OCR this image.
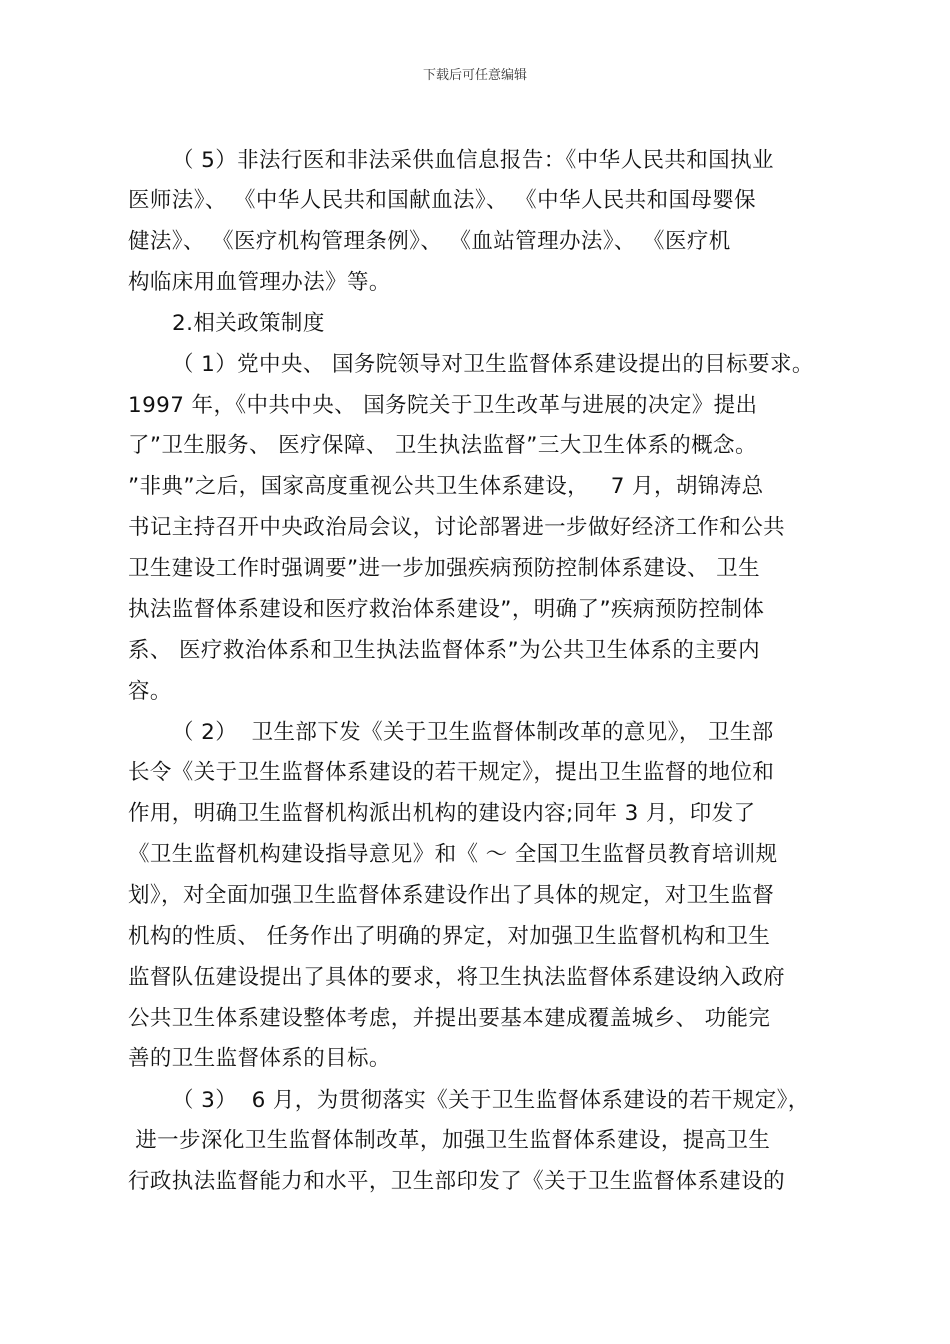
下载后可任意编辑
（ 5）非法行医和非法采供血信息报告：《中华人民共和国执业
医师法》、 《中华人民共和国献血法》、 《中华人民共和国母婴保
健法》、 《医疗机构管理条例》、 《血站管理办法》、 《医疗机
构临床用血管理办法》等。
2.相关政策制度
（ 1）党中央、 国务院领导对卫生监督体系建设提出的目标要求。
1997 年，《中共中央、 国务院关于卫生改革与进展的决定》提出
了”卫生服务、 医疗保障、 卫生执法监督”三大卫生体系的概念。
”非典”之后，国家高度重视公共卫生体系建设，   7 月，胡锦涛总
书记主持召开中央政治局会议，讨论部署进一步做好经济工作和公共
卫生建设工作时强调要”进一步加强疾病预防控制体系建设、 卫生
执法监督体系建设和医疗救治体系建设”，明确了”疾病预防控制体
系、 医疗救治体系和卫生执法监督体系”为公共卫生体系的主要内
容。
（ 2）  卫生部下发《关于卫生监督体制改革的意见》， 卫生部
长令《关于卫生监督体系建设的若干规定》，提出卫生监督的地位和
作用，明确卫生监督机构派出机构的建设内容;同年 3 月，印发了
《卫生监督机构建设指导意见》和《 ～ 全国卫生监督员教育培训规
划》，对全面加强卫生监督体系建设作出了具体的规定，对卫生监督
机构的性质、 任务作出了明确的界定，对加强卫生监督机构和卫生
监督队伍建设提出了具体的要求，将卫生执法监督体系建设纳入政府
公共卫生体系建设整体考虑，并提出要基本建成覆盖城乡、 功能完
善的卫生监督体系的目标。
（ 3）  6 月，为贯彻落实《关于卫生监督体系建设的若干规定》，
进一步深化卫生监督体制改革，加强卫生监督体系建设，提高卫生
行政执法监督能力和水平，卫生部印发了《关于卫生监督体系建设的
